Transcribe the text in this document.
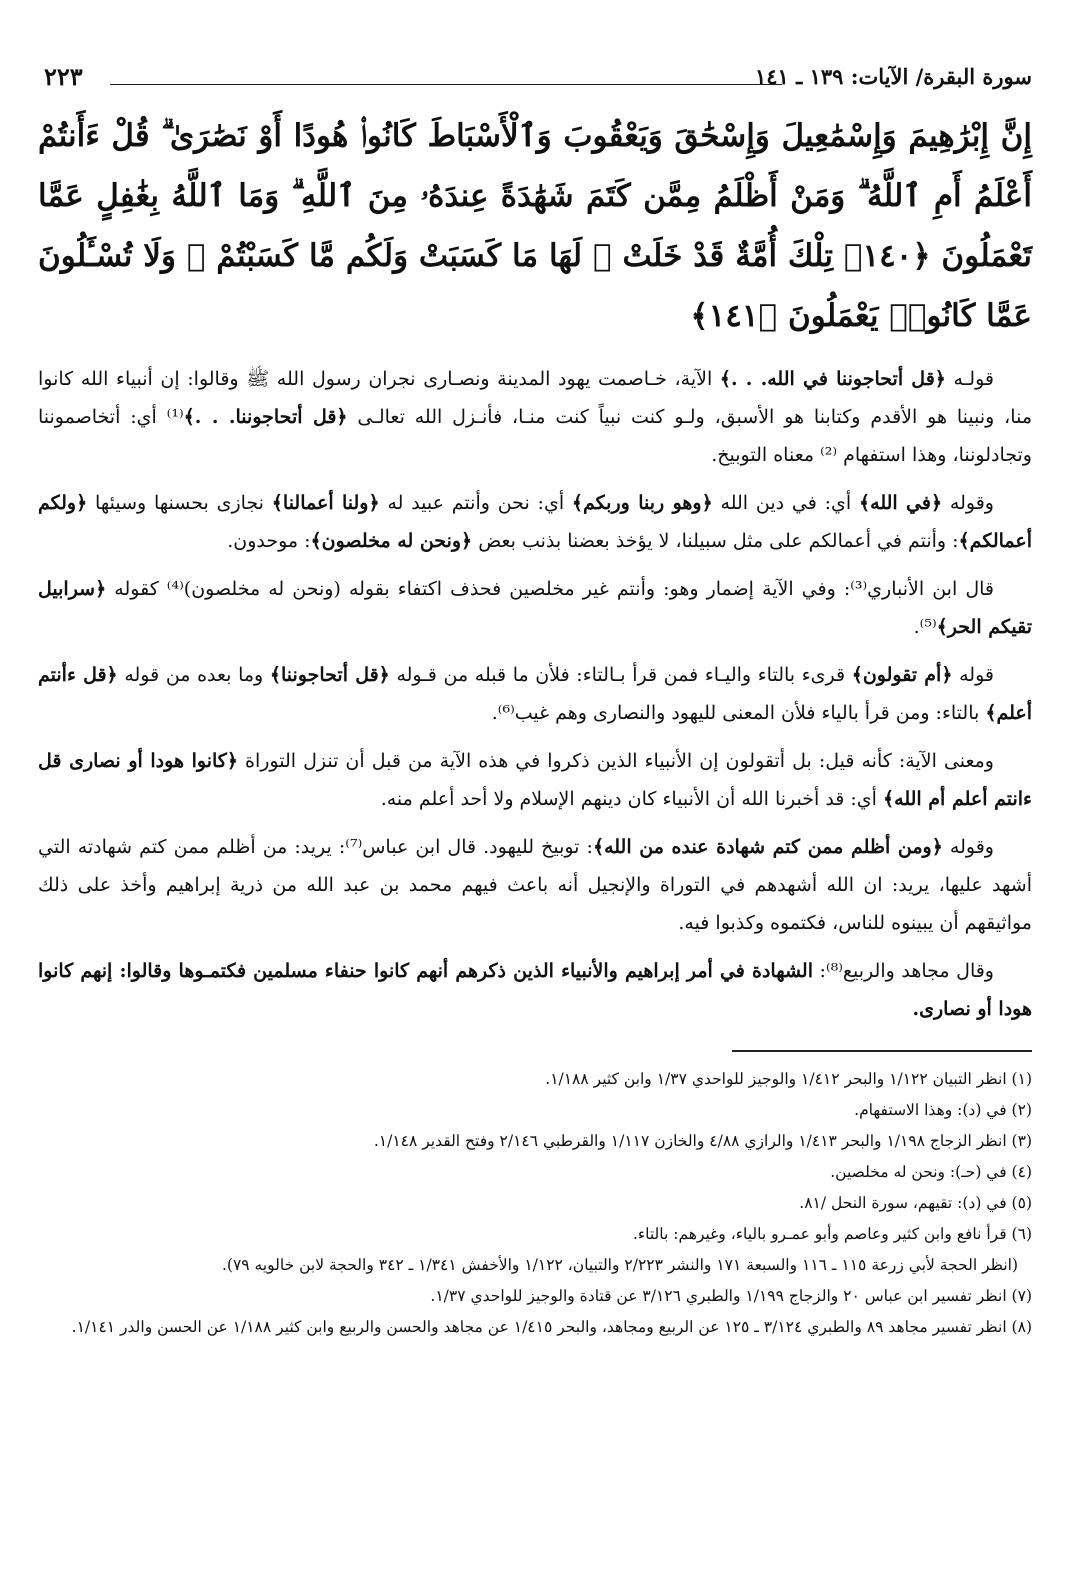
سورة البقرة/ الآيات: ١٣٩ ـ ١٤١
٢٢٣
إِنَّ إِبْرَٰهِيمَ وَإِسْمَٰعِيلَ وَإِسْحَٰقَ وَيَعْقُوبَ وَٱلْأَسْبَاطَ كَانُوا۟ هُودًا أَوْ نَصَٰرَىٰ ۗ قُلْ ءَأَنتُمْ أَعْلَمُ أَمِ ٱللَّهُ ۗ وَمَنْ أَظْلَمُ مِمَّن كَتَمَ شَهَٰدَةً عِندَهُۥ مِنَ ٱللَّهِ ۗ وَمَا ٱللَّهُ بِغَٰفِلٍ عَمَّا تَعْمَلُونَ ﴿١٤٠﴾ تِلْكَ أُمَّةٌ قَدْ خَلَتْ ۖ لَهَا مَا كَسَبَتْ وَلَكُم مَّا كَسَبْتُمْ ۖ وَلَا تُسْـَٔلُونَ عَمَّا كَانُوا۟ يَعْمَلُونَ ﴿١٤١﴾

قولـه ﴿قل أتحاجوننا في الله. . .﴾ الآية، خـاصمت يهود المدينة ونصـارى نجران رسول الله ﷺ وقالوا: إن أنبياء الله كانوا منا، ونبينا هو الأقدم وكتابنا هو الأسبق، ولـو كنت نبياً كنت منـا، فأنـزل الله تعالـى ﴿قل أتحاجوننا. . .﴾⁽¹⁾ أي: أتخاصموننا وتجادلوننا، وهذا استفهام ⁽²⁾ معناه التوبيخ.

وقوله ﴿في الله﴾ أي: في دين الله ﴿وهو ربنا وربكم﴾ أي: نحن وأنتم عبيد له ﴿ولنا أعمالنا﴾ نجازى بحسنها وسيئها ﴿ولكم أعمالكم﴾: وأنتم في أعمالكم على مثل سبيلنا، لا يؤخذ بعضنا بذنب بعض ﴿ونحن له مخلصون﴾: موحدون.

قال ابن الأنباري⁽³⁾: وفي الآية إضمار وهو: وأنتم غير مخلصين فحذف اكتفاء بقوله (ونحن له مخلصون)⁽⁴⁾ كقوله ﴿سرابيل تقيكم الحر﴾⁽⁵⁾.

قوله ﴿أم تقولون﴾ قرىء بالتاء واليـاء فمن قرأ بـالتاء: فلأن ما قبله من قـوله ﴿قل أتحاجوننا﴾ وما بعده من قوله ﴿قل ءأنتم أعلم﴾ بالتاء: ومن قرأ بالياء فلأن المعنى لليهود والنصارى وهم غيب⁽⁶⁾.

ومعنى الآية: كأنه قيل: بل أتقولون إن الأنبياء الذين ذكروا في هذه الآية من قبل أن تنزل التوراة ﴿كانوا هودا أو نصارى قل ءانتم أعلم أم الله﴾ أي: قد أخبرنا الله أن الأنبياء كان دينهم الإسلام ولا أحد أعلم منه.

وقوله ﴿ومن أظلم ممن كتم شهادة عنده من الله﴾: توبيخ لليهود. قال ابن عباس⁽⁷⁾: يريد: من أظلم ممن كتم شهادته التي أشهد عليها، يريد: ان الله أشهدهم في التوراة والإنجيل أنه باعث فيهم محمد بن عبد الله من ذرية إبراهيم وأخذ على ذلك مواثيقهم أن يبينوه للناس، فكتموه وكذبوا فيه.

وقال مجاهد والربيع⁽⁸⁾: الشهادة في أمر إبراهيم والأنبياء الذين ذكرهم أنهم كانوا حنفاء مسلمين فكتمـوها وقالوا: إنهم كانوا هودا أو نصارى.

(١) انظر التبيان ١/١٢٢ والبحر ١/٤١٢ والوجيز للواحدي ١/٣٧ وابن كثير ١/١٨٨.

(٢) في (د): وهذا الاستفهام.

(٣) انظر الزجاج ١/١٩٨ والبحر ١/٤١٣ والرازي ٤/٨٨ والخازن ١/١١٧ والقرطبي ٢/١٤٦ وفتح القدير ١/١٤٨.

(٤) في (حـ): ونحن له مخلصين.

(٥) في (د): تقيهم، سورة النحل /٨١.

(٦) قرأ نافع وابن كثير وعاصم وأبو عمـرو بالياء، وغيرهم: بالتاء.

(انظر الحجة لأبي زرعة ١١٥ ـ ١١٦ والسبعة ١٧١ والنشر ٢/٢٢٣ والتبيان، ١/١٢٢ والأخفش ١/٣٤١ ـ ٣٤٢ والحجة لابن خالويه ٧٩).

(٧) انظر تفسير ابن عباس ٢٠ والزجاج ١/١٩٩ والطبري ٣/١٢٦ عن قتادة والوجيز للواحدي ١/٣٧.

(٨) انظر تفسير مجاهد ٨٩ والطبري ٣/١٢٤ ـ ١٢٥ عن الربيع ومجاهد، والبحر ١/٤١٥ عن مجاهد والحسن والربيع وابن كثير ١/١٨٨ عن الحسن والدر ١/١٤١.
